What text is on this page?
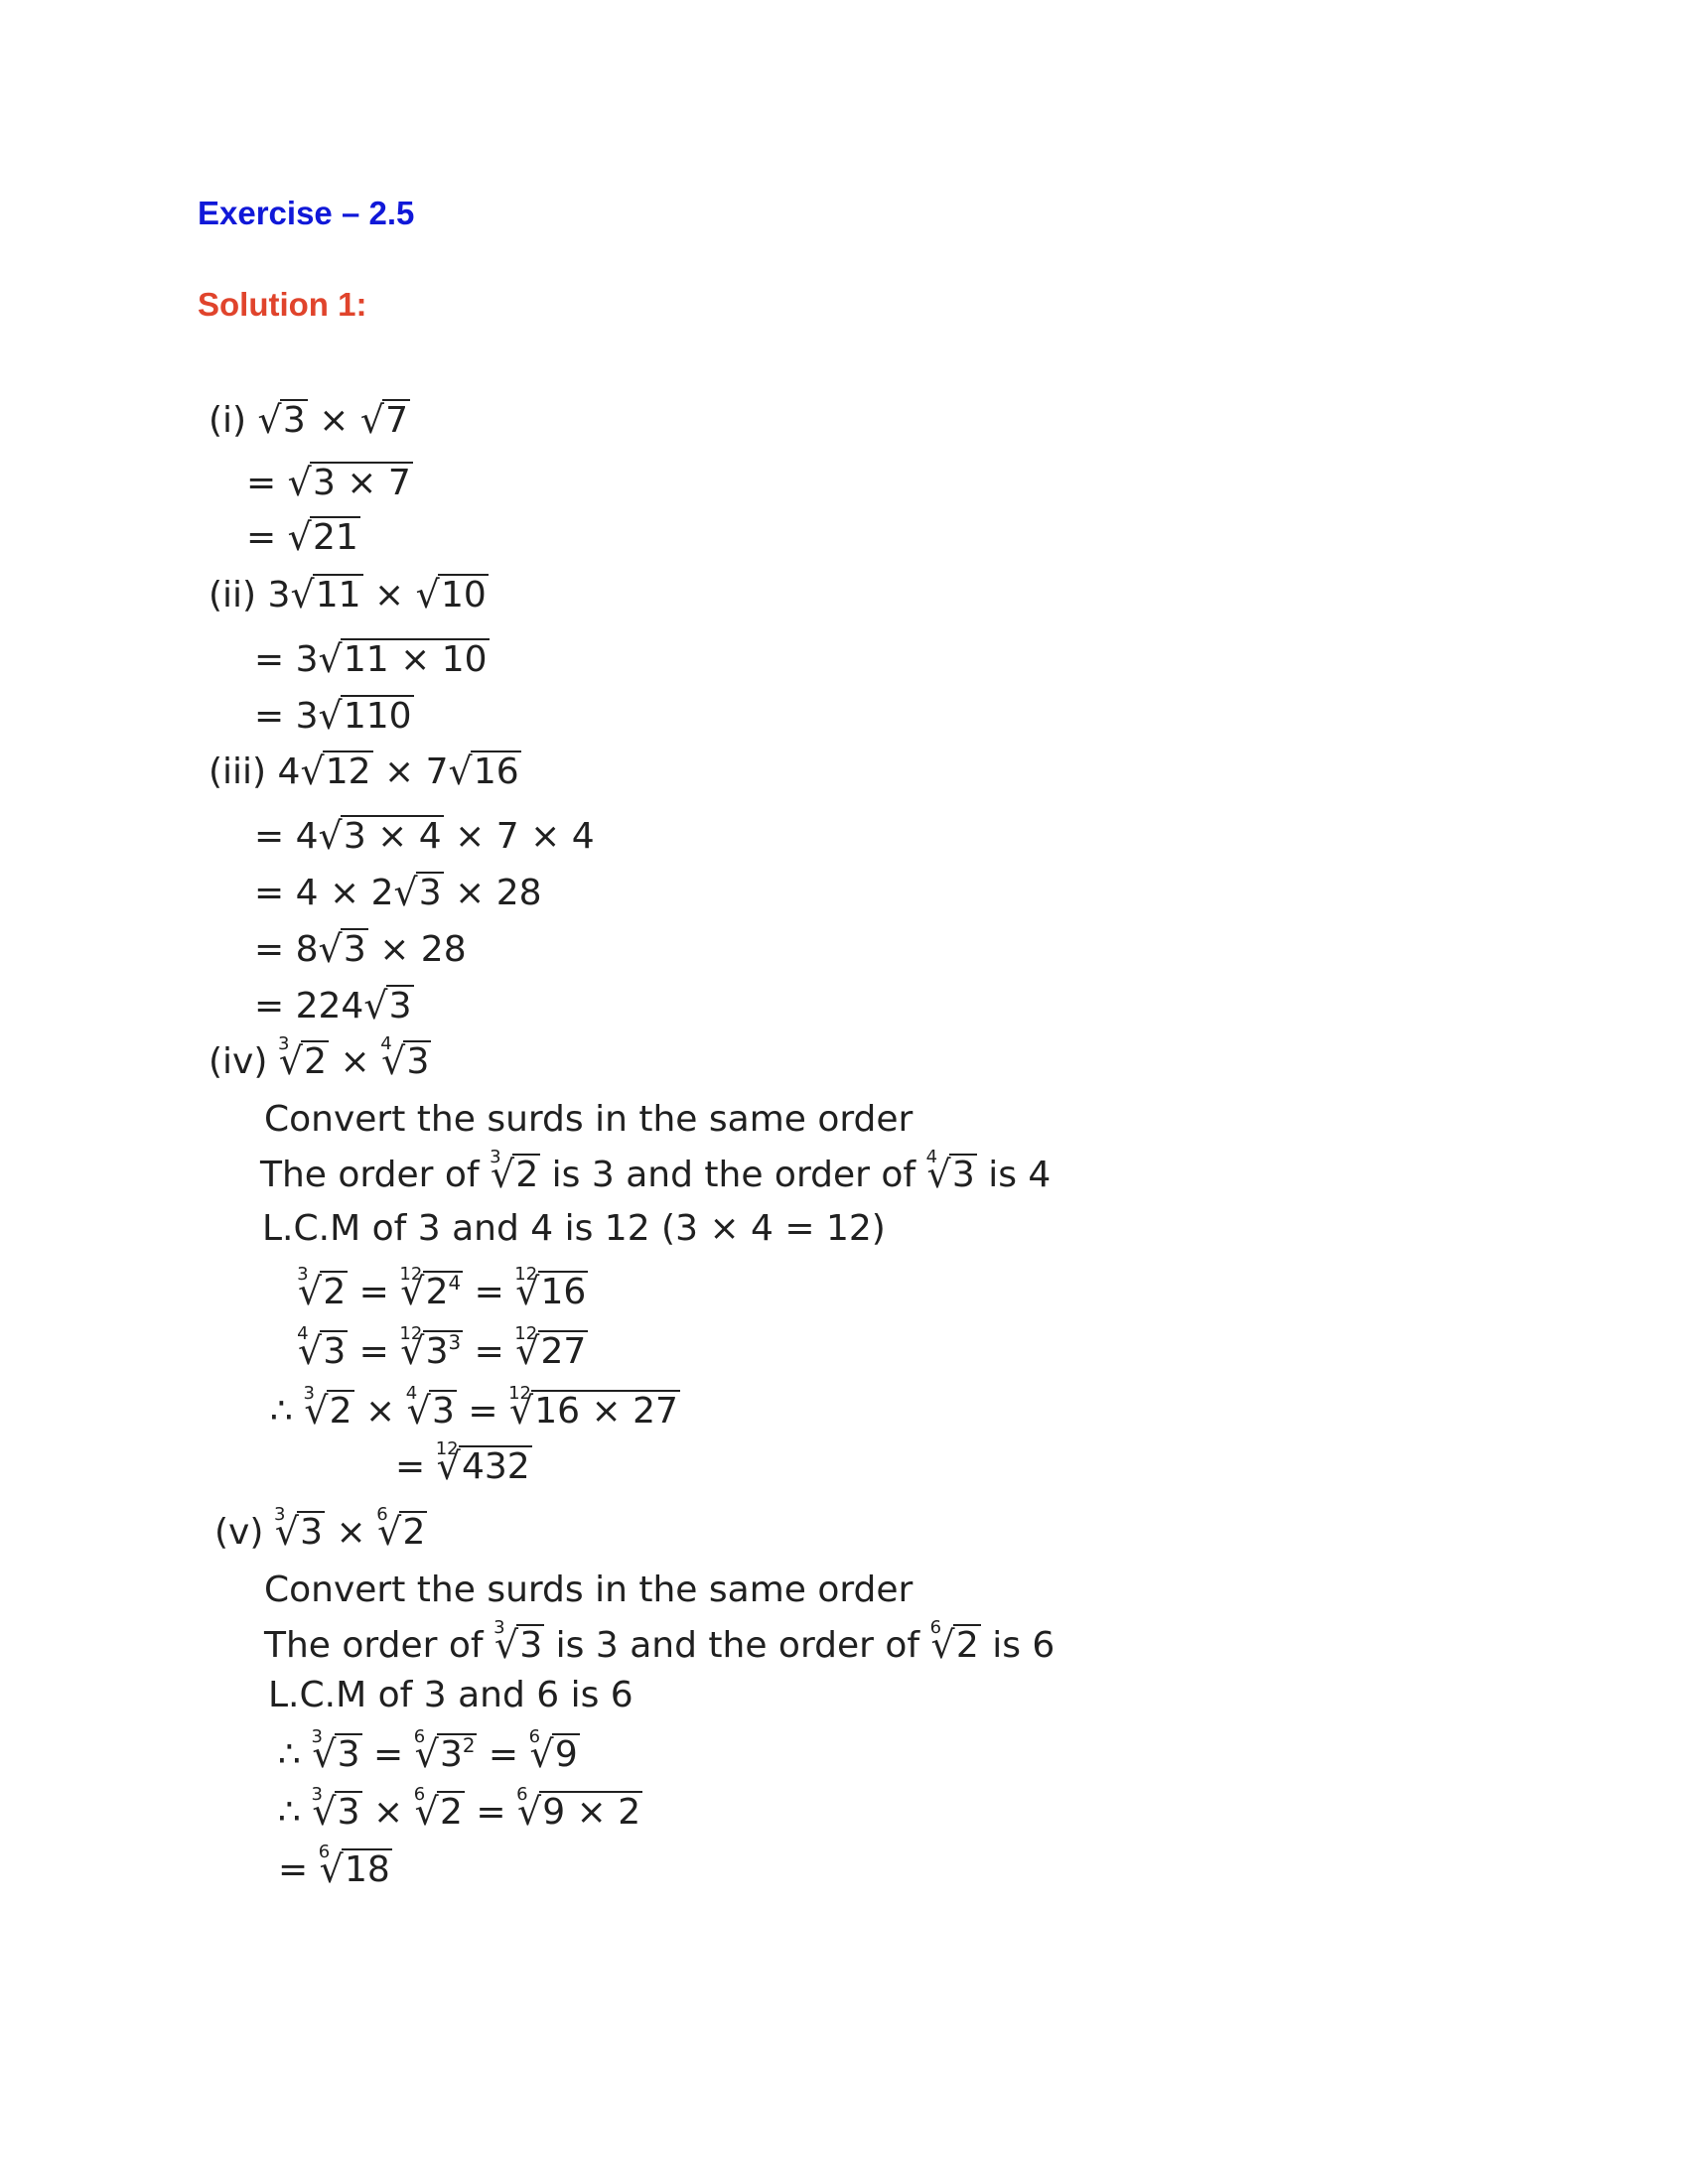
Exercise – 2.5
Solution 1:
(i) √ 3 × √ 7
= √ 3 × 7
= √ 21
(ii) 3 √ 11 × √ 10
= 3 √ 11 × 10
= 3 √ 110
(iii) 4 √ 12 × 7 √ 16
= 4 √ 3 × 4 × 7 × 4
= 4 × 2 √ 3 × 28
= 8 √ 3 × 28
= 224 √ 3
(iv) √ 3 2 × √ 4 3
Convert the surds in the same order
The order of √ 3 2 is 3 and the order of √ 4 3 is 4
L.C.M of 3 and 4 is 12 (3 × 4 = 12)
√ 3 2 = √ 12 $2^4$ = √ 12 16
√ 4 3 = √ 12 $3^3$ = √ 12 27
∴ √ 3 2 × √ 4 3 = √ 12 16 × 27
= √ 12 432
(v) √ 3 3 × √ 6 2
Convert the surds in the same order
The order of √ 3 3 is 3 and the order of √ 6 2 is 6
L.C.M of 3 and 6 is 6
∴ √ 3 3 = √ 6 $3^2$ = √ 6 9
∴ √ 3 3 × √ 6 2 = √ 6 9 × 2
= √ 6 18
